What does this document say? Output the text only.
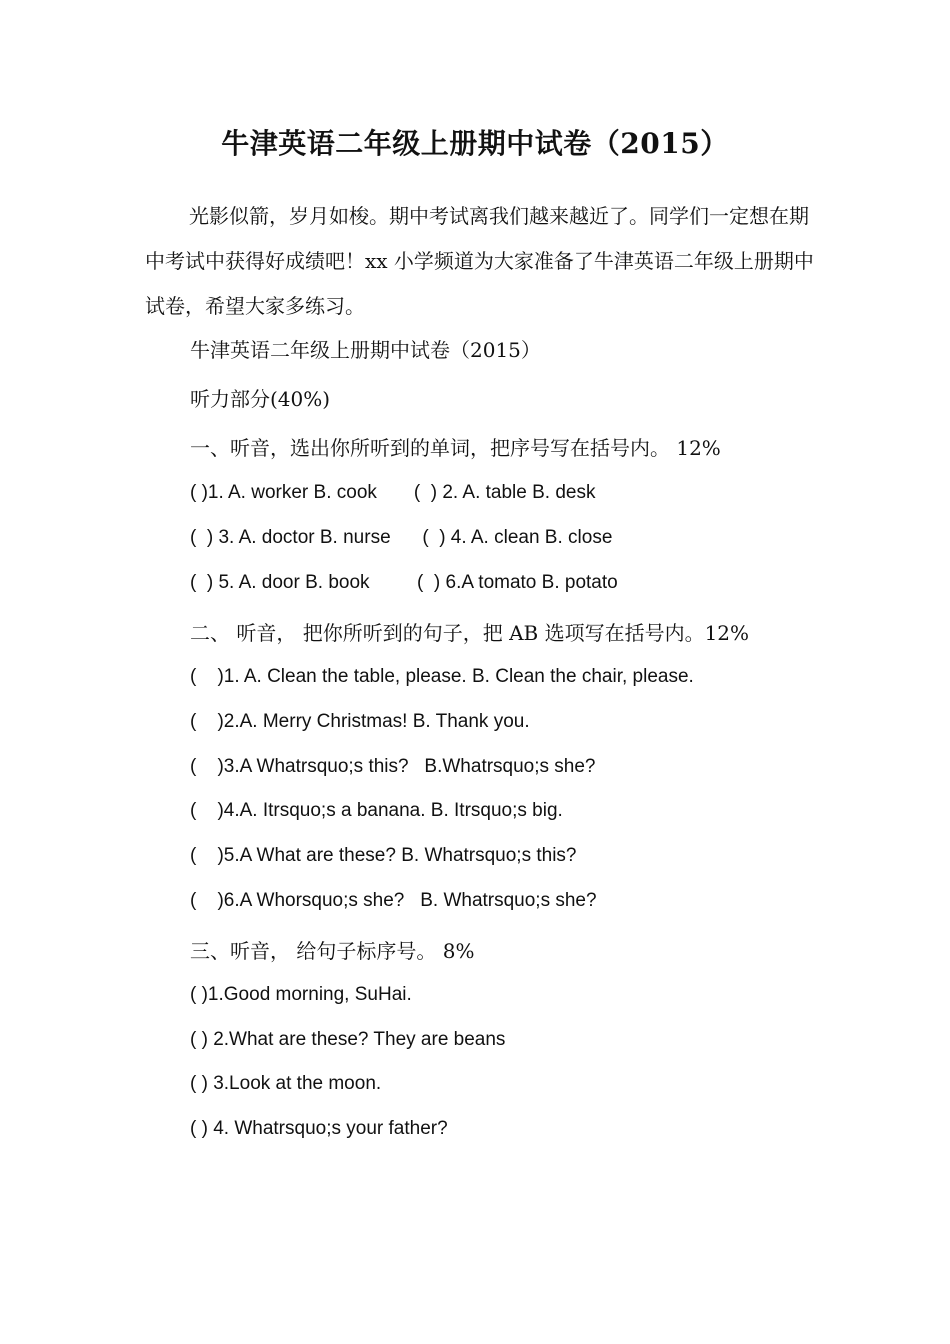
牛津英语二年级上册期中试卷（2015）

光影似箭，岁月如梭。期中考试离我们越来越近了。同学们一定想在期中考试中获得好成绩吧！xx 小学频道为大家准备了牛津英语二年级上册期中试卷，希望大家多练习。

牛津英语二年级上册期中试卷（2015）
听力部分(40%)
一、听音，选出你所听到的单词，把序号写在括号内。 12%
( )1. A. worker B. cook       (  ) 2. A. table B. desk
(  ) 3. A. doctor B. nurse      (  ) 4. A. clean B. close
(  ) 5. A. door B. book         (  ) 6.A tomato B. potato
二、 听音， 把你所听到的句子，把 AB 选项写在括号内。12%
(    )1. A. Clean the table, please. B. Clean the chair, please.
(    )2.A. Merry Christmas! B. Thank you.
(    )3.A Whatrsquo;s this?   B.Whatrsquo;s she?
(    )4.A. Itrsquo;s a banana. B. Itrsquo;s big.
(    )5.A What are these? B. Whatrsquo;s this?
(    )6.A Whorsquo;s she?   B. Whatrsquo;s she?
三、听音， 给句子标序号。 8%
( )1.Good morning, SuHai.
( ) 2.What are these? They are beans
( ) 3.Look at the moon.
( ) 4. Whatrsquo;s your father?
